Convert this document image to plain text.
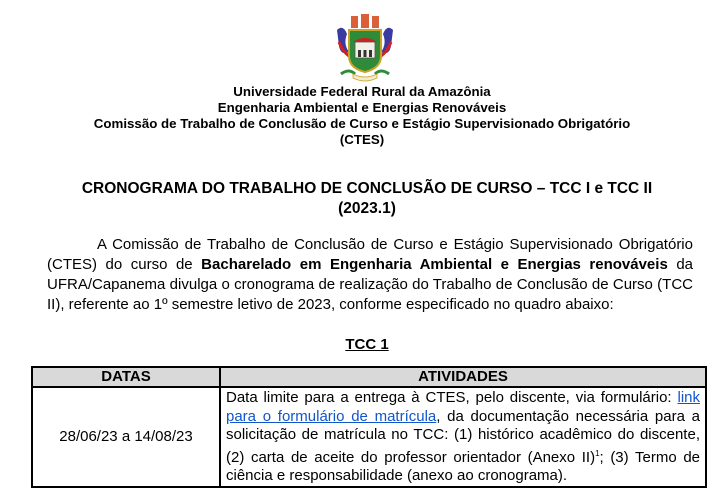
Universidade Federal Rural da Amazônia
Engenharia Ambiental e Energias Renováveis
Comissão de Trabalho de Conclusão de Curso e Estágio Supervisionado Obrigatório
(CTES)
CRONOGRAMA DO TRABALHO DE CONCLUSÃO DE CURSO – TCC I e TCC II (2023.1)
A Comissão de Trabalho de Conclusão de Curso e Estágio Supervisionado Obrigatório (CTES) do curso de Bacharelado em Engenharia Ambiental e Energias renováveis da UFRA/Capanema divulga o cronograma de realização do Trabalho de Conclusão de Curso (TCC II), referente ao 1º semestre letivo de 2023, conforme especificado no quadro abaixo:
TCC 1
DATAS	ATIVIDADES
28/06/23 a 14/08/23	Data limite para a entrega à CTES, pelo discente, via formulário: link para o formulário de matrícula, da documentação necessária para a solicitação de matrícula no TCC: (1) histórico acadêmico do discente, (2) carta de aceite do professor orientador (Anexo II)$^1$; (3) Termo de ciência e responsabilidade (anexo ao cronograma).
